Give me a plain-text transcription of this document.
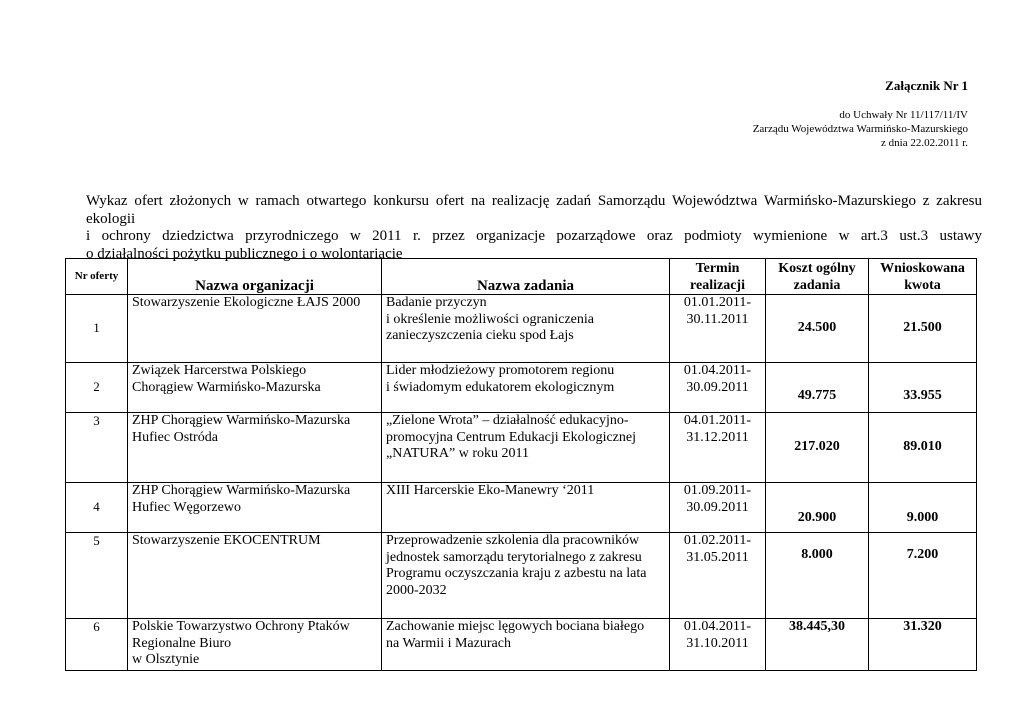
Załącznik Nr 1
do Uchwały Nr 11/117/11/IV
Zarządu Województwa Warmińsko-Mazurskiego
z dnia 22.02.2011 r.

Wykaz ofert złożonych w ramach otwartego konkursu ofert na realizację zadań Samorządu Województwa Warmińsko-Mazurskiego z zakresu ekologii

i ochrony dziedzictwa przyrodniczego w 2011 r. przez organizacje pozarządowe oraz podmioty wymienione w art.3 ust.3 ustawy

o działalności pożytku publicznego i o wolontariacie

Nr oferty	Nazwa organizacji	Nazwa zadania	Termin
realizacji	Koszt ogólny
zadania	Wnioskowana
kwota
1	Stowarzyszenie Ekologiczne ŁAJS 2000	Badanie przyczyn
i określenie możliwości ograniczenia
zanieczyszczenia cieku spod Łajs	01.01.2011-
30.11.2011	24.500	21.500
2	Związek Harcerstwa Polskiego
Chorągiew Warmińsko-Mazurska	Lider młodzieżowy promotorem regionu
i świadomym edukatorem ekologicznym	01.04.2011-
30.09.2011	49.775	33.955
3	ZHP Chorągiew Warmińsko-Mazurska
Hufiec Ostróda	„Zielone Wrota” – działalność edukacyjno-
promocyjna Centrum Edukacji Ekologicznej
„NATURA” w roku 2011	04.01.2011-
31.12.2011	217.020	89.010
4	ZHP Chorągiew Warmińsko-Mazurska
Hufiec Węgorzewo	XIII Harcerskie Eko-Manewry ‘2011	01.09.2011-
30.09.2011	20.900	9.000
5	Stowarzyszenie EKOCENTRUM	Przeprowadzenie szkolenia dla pracowników
jednostek samorządu terytorialnego z zakresu
Programu oczyszczania kraju z azbestu na lata
2000-2032	01.02.2011-
31.05.2011	8.000	7.200
6	Polskie Towarzystwo Ochrony Ptaków
Regionalne Biuro
w Olsztynie	Zachowanie miejsc lęgowych bociana białego
na Warmii i Mazurach	01.04.2011-
31.10.2011	38.445,30	31.320
